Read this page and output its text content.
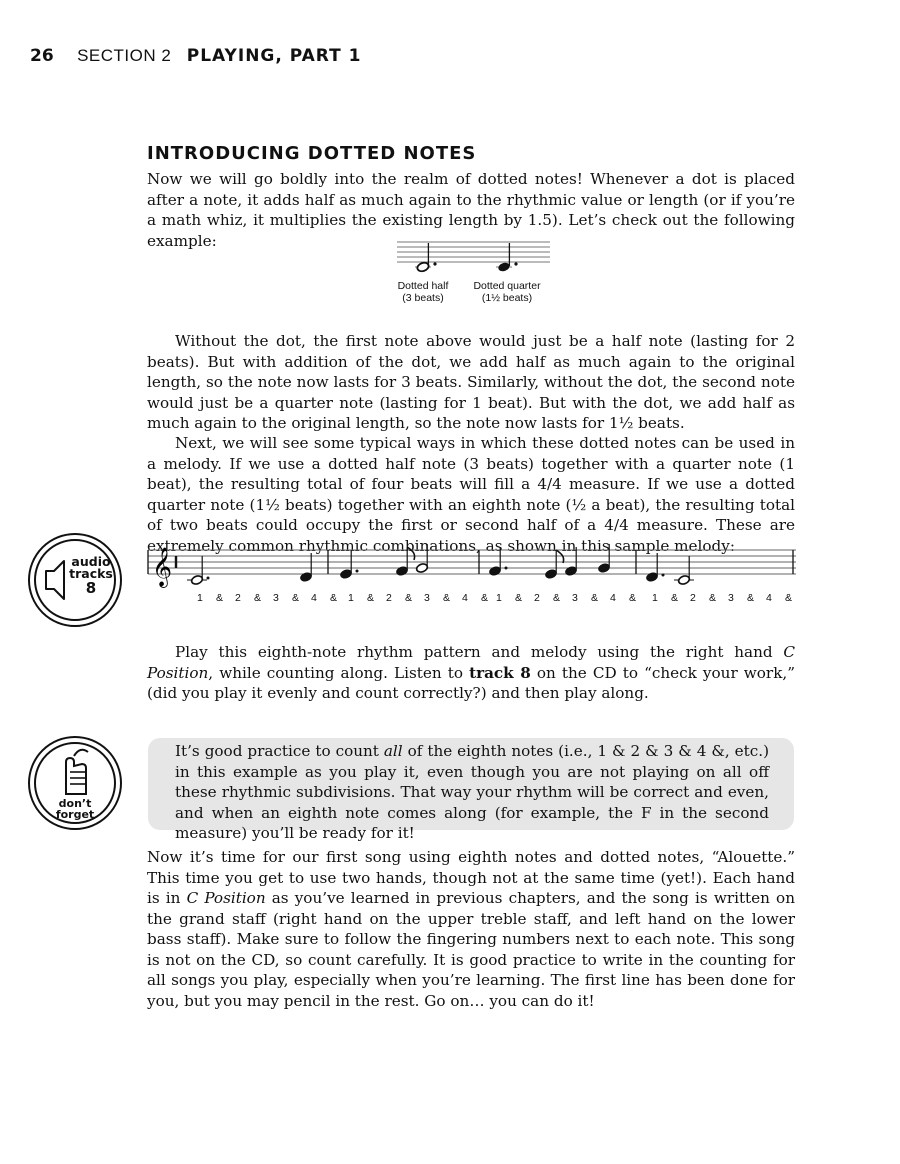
26 SECTION 2 PLAYING, PART 1
INTRODUCING DOTTED NOTES

Now we will go boldly into the realm of dotted notes! Whenever a dot is placed after a note, it adds half as much again to the rhythmic value or length (or if you’re a math whiz, it multiplies the existing length by 1.5). Let’s check out the following example:

Dotted half
(3 beats)
Dotted quarter
(1½ beats)

Without the dot, the first note above would just be a half note (lasting for 2 beats). But with addition of the dot, we add half as much again to the original length, so the note now lasts for 3 beats. Similarly, without the dot, the second note would just be a quarter note (lasting for 1 beat). But with the dot, we add half as much again to the original length, so the note now lasts for 1½ beats.

Next, we will see some typical ways in which these dotted notes can be used in a melody. If we use a dotted half note (3 beats) together with a quarter note (1 beat), the resulting total of four beats will fill a 4/4 measure. If we use a dotted quarter note (1½ beats) together with an eighth note (½ a beat), the resulting total of two beats could occupy the first or second half of a 4/4 measure. These are extremely common rhythmic combinations, as shown in this sample melody:

audio
tracks
8
𝄞
1 & 2 & 3 & 4 & 1 & 2 & 3 & 4 & 1 & 2 & 3 & 4 & 1 & 2 & 3 & 4 &

Play this eighth-note rhythm pattern and melody using the right hand C Position, while counting along. Listen to track 8 on the CD to “check your work,” (did you play it evenly and count correctly?) and then play along.

don’t
forget

It’s good practice to count all of the eighth notes (i.e., 1 & 2 & 3 & 4 &, etc.) in this example as you play it, even though you are not playing on all off these rhythmic subdivisions. That way your rhythm will be correct and even, and when an eighth note comes along (for example, the F in the second measure) you’ll be ready for it!

Now it’s time for our first song using eighth notes and dotted notes, “Alouette.” This time you get to use two hands, though not at the same time (yet!). Each hand is in C Position as you’ve learned in previous chapters, and the song is written on the grand staff (right hand on the upper treble staff, and left hand on the lower bass staff). Make sure to follow the fingering numbers next to each note. This song is not on the CD, so count carefully. It is good practice to write in the counting for all songs you play, especially when you’re learning. The first line has been done for you, but you may pencil in the rest. Go on… you can do it!
